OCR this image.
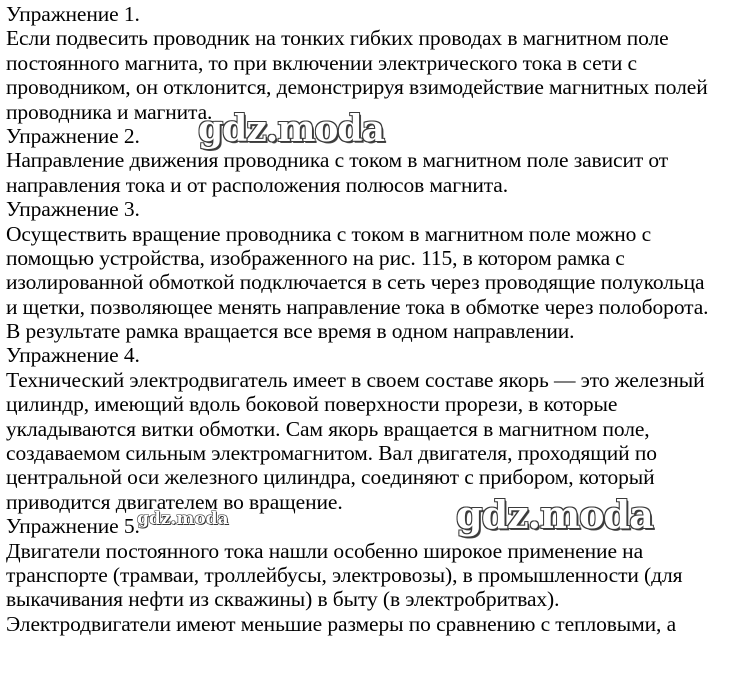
Упражнение 1.
Если подвесить проводник на тонких гибких проводах в магнитном поле
постоянного магнита, то при включении электрического тока в сети с
проводником, он отклонится, демонстрируя взимодействие магнитных полей
проводника и магнита.
Упражнение 2.
Направление движения проводника с током в магнитном поле зависит от
направления тока и от расположения полюсов магнита.
Упражнение 3.
Осуществить вращение проводника с током в магнитном поле можно с
помощью устройства, изображенного на рис. 115, в котором рамка с
изолированной обмоткой подключается в сеть через проводящие полукольца
и щетки, позволяющее менять направление тока в обмотке через полоборота.
В результате рамка вращается все время в одном направлении.
Упражнение 4.
Технический электродвигатель имеет в своем составе якорь — это железный
цилиндр, имеющий вдоль боковой поверхности прорези, в которые
укладываются витки обмотки. Сам якорь вращается в магнитном поле,
создаваемом сильным электромагнитом. Вал двигателя, проходящий по
центральной оси железного цилиндра, соединяют с прибором, который
приводится двигателем во вращение.
Упражнение 5.
Двигатели постоянного тока нашли особенно широкое применение на
транспорте (трамваи, троллейбусы, электровозы), в промышленности (для
выкачивания нефти из скважины) в быту (в электробритвах).
Электродвигатели имеют меньшие размеры по сравнению с тепловыми, а
gdz.moda
gdz.moda
gdz.moda
